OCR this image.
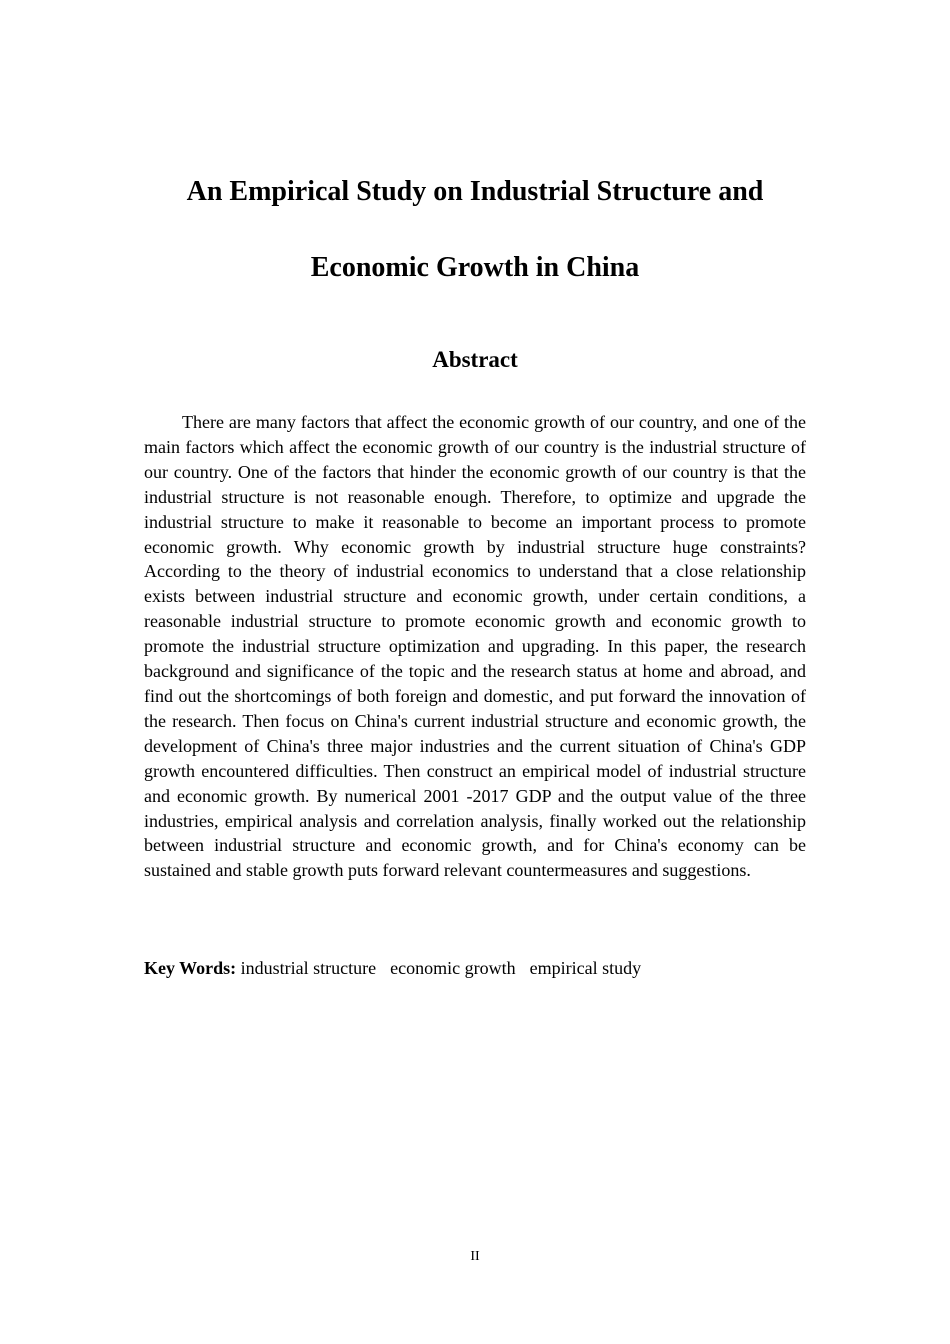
An Empirical Study on Industrial Structure and
Economic Growth in China
Abstract

There are many factors that affect the economic growth of our country, and one of the main factors which affect the economic growth of our country is the industrial structure of our country. One of the factors that hinder the economic growth of our country is that the industrial structure is not reasonable enough. Therefore, to optimize and upgrade the industrial structure to make it reasonable to become an important process to promote economic growth. Why economic growth by industrial structure huge constraints? According to the theory of industrial economics to understand that a close relationship exists between industrial structure and economic growth, under certain conditions, a reasonable industrial structure to promote economic growth and economic growth to promote the industrial structure optimization and upgrading. In this paper, the research background and significance of the topic and the research status at home and abroad, and find out the shortcomings of both foreign and domestic, and put forward the innovation of the research. Then focus on China's current industrial structure and economic growth, the development of China's three major industries and the current situation of China's GDP growth encountered difficulties. Then construct an empirical model of industrial structure and economic growth. By numerical 2001 -2017 GDP and the output value of the three industries, empirical analysis and correlation analysis, finally worked out the relationship between industrial structure and economic growth, and for China's economy can be sustained and stable growth puts forward relevant countermeasures and suggestions.

Key Words: industrial structure economic growth empirical study

II
